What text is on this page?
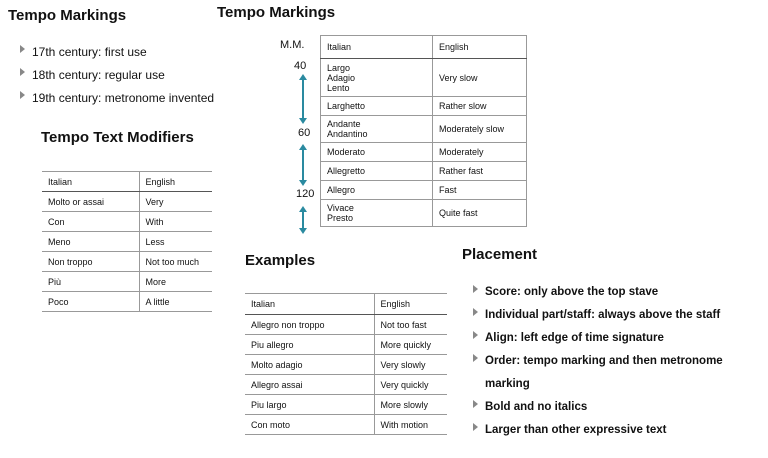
Tempo Markings
17th century: first use
18th century: regular use
19th century: metronome invented
Tempo Text Modifiers
Italian	English
Molto or assai	Very
Con	With
Meno	Less
Non troppo	Not too much
Più	More
Poco	A little
Tempo Markings
M.M.
40
60
120
Italian	English
Largo
Adagio
Lento	Very slow
Larghetto	Rather slow
Andante
Andantino	Moderately slow
Moderato	Moderately
Allegretto	Rather fast
Allegro	Fast
Vivace
Presto	Quite fast
Examples
Italian	English
Allegro non troppo	Not too fast
Piu allegro	More quickly
Molto adagio	Very slowly
Allegro assai	Very quickly
Piu largo	More slowly
Con moto	With motion
Placement
Score: only above the top stave
Individual part/staff: always above the staff
Align: left edge of time signature
Order: tempo marking and then metronome marking
Bold and no italics
Larger than other expressive text
